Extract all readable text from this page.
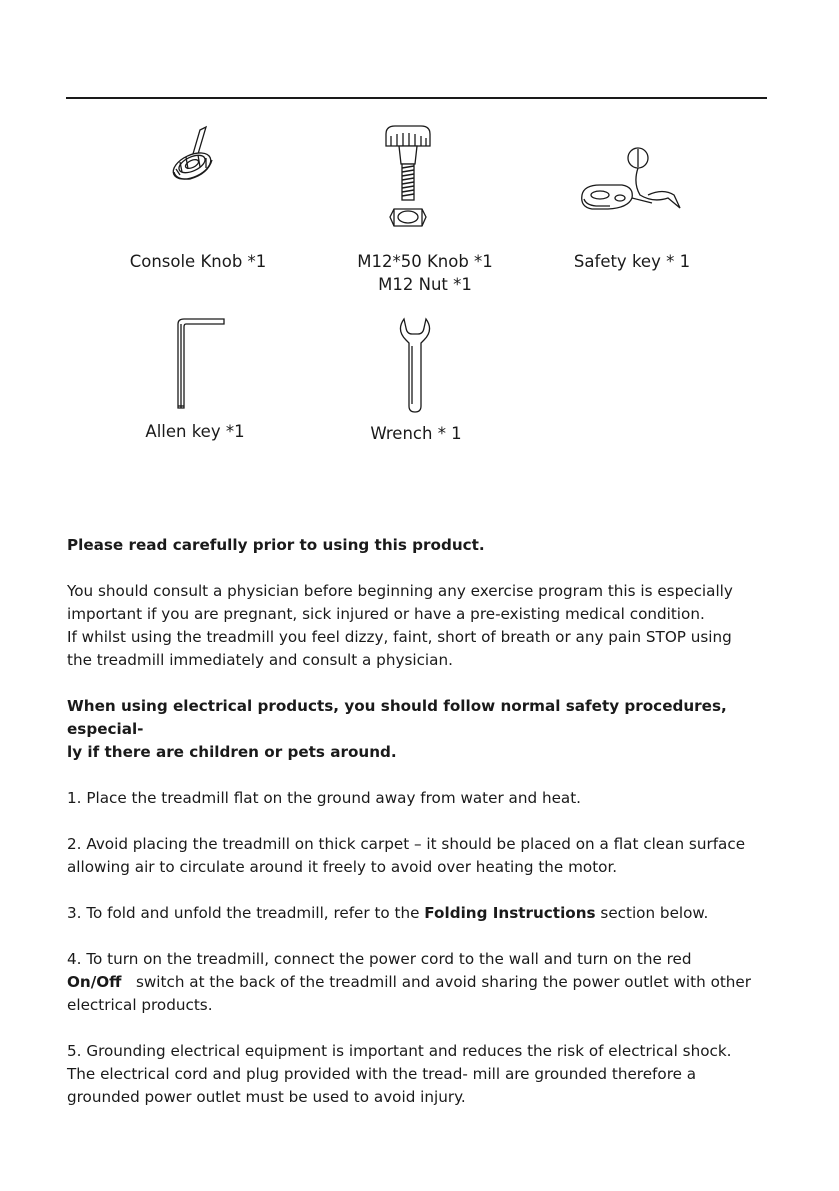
Console Knob *1	M12*50 Knob *1
M12 Nut *1
Safety key * 1
Allen key *1	Wrench * 1

Please read carefully prior to using this product.

You should consult a physician before beginning any exercise program this is especially

important if you are pregnant, sick injured or have a pre-existing medical condition.

If whilst using the treadmill you feel dizzy, faint, short of breath or any pain STOP using

the treadmill immediately and consult a physician.

When using electrical products, you should follow normal safety procedures, especial-

ly if there are children or pets around.

1. Place the treadmill flat on the ground away from water and heat.

2. Avoid placing the treadmill on thick carpet – it should be placed on a flat clean surface

allowing air to circulate around it freely to avoid over heating the motor.

3. To fold and unfold the treadmill, refer to the Folding Instructions section below.

4. To turn on the treadmill, connect the power cord to the wall and turn on the red

On/Off   switch at the back of the treadmill and avoid sharing the power outlet with other

electrical products.

5. Grounding electrical equipment is important and reduces the risk of electrical shock.

The electrical cord and plug provided with the tread- mill are grounded therefore a

grounded power outlet must be used to avoid injury.
